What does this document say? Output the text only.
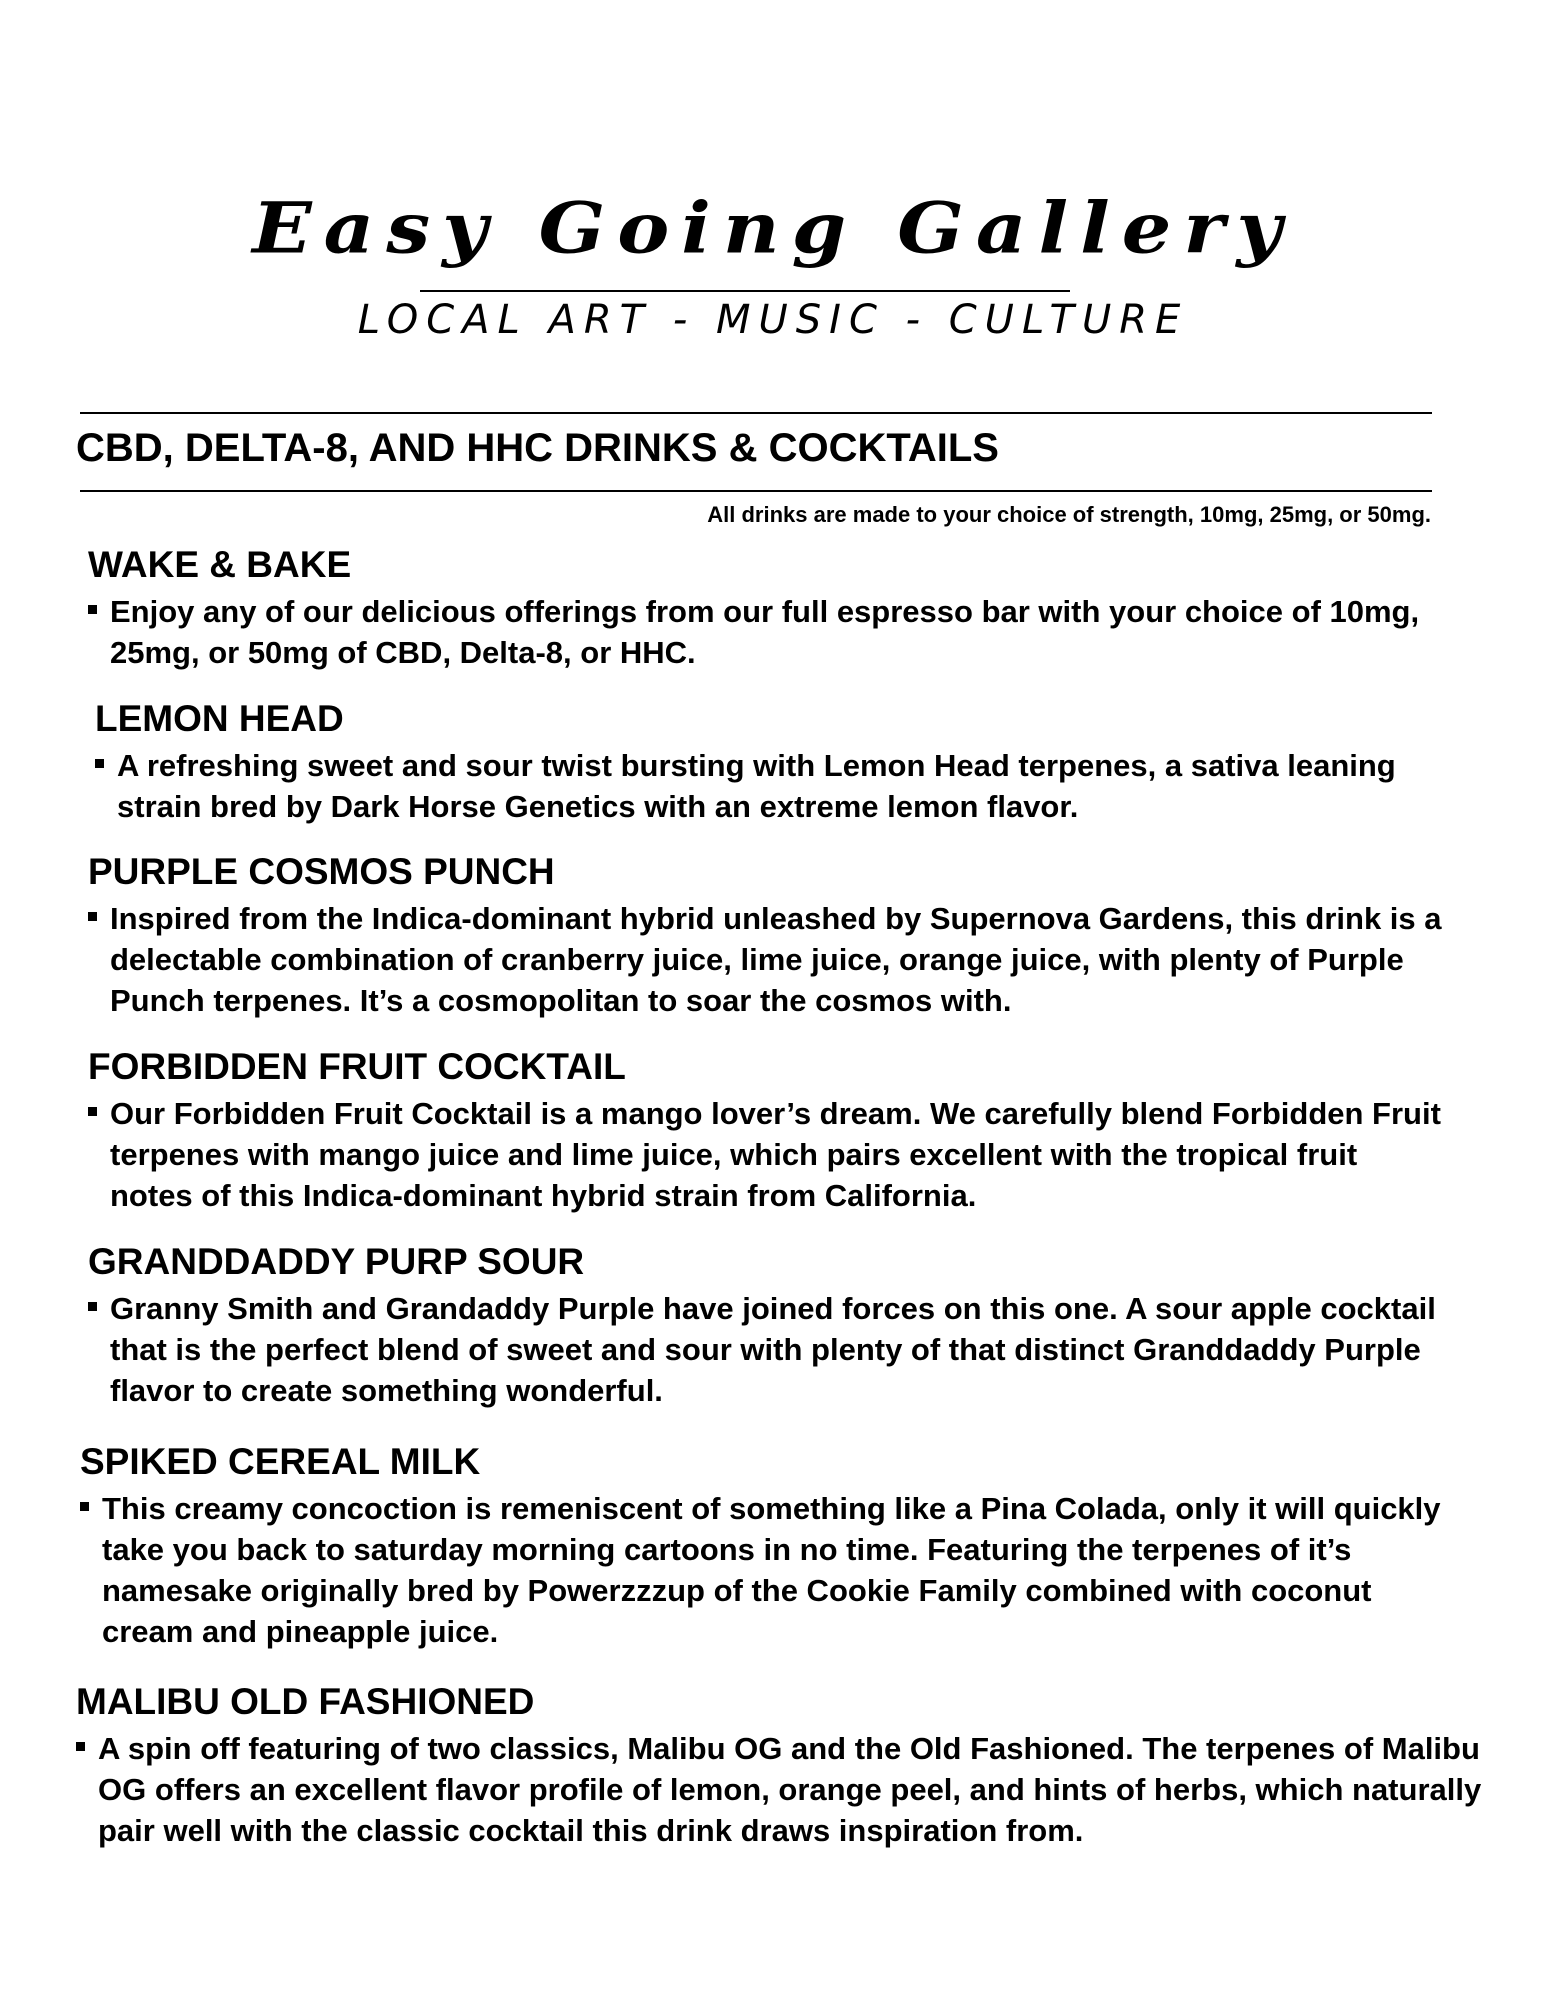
Easy Going Gallery
LOCAL ART - MUSIC - CULTURE
CBD, DELTA-8, AND HHC DRINKS & COCKTAILS
All drinks are made to your choice of strength, 10mg, 25mg, or 50mg.

WAKE & BAKE

Enjoy any of our delicious offerings from our full espresso bar with your choice of 10mg, 25mg, or 50mg of CBD, Delta-8, or HHC.

LEMON HEAD

A refreshing sweet and sour twist bursting with Lemon Head terpenes, a sativa leaning strain bred by Dark Horse Genetics with an extreme lemon flavor.

PURPLE COSMOS PUNCH

Inspired from the Indica-dominant hybrid unleashed by Supernova Gardens, this drink is a delectable combination of cranberry juice, lime juice, orange juice, with plenty of Purple Punch terpenes. It’s a cosmopolitan to soar the cosmos with.

FORBIDDEN FRUIT COCKTAIL

Our Forbidden Fruit Cocktail is a mango lover’s dream. We carefully blend Forbidden Fruit terpenes with mango juice and lime juice, which pairs excellent with the tropical fruit notes of this Indica-dominant hybrid strain from California.

GRANDDADDY PURP SOUR

Granny Smith and Grandaddy Purple have joined forces on this one. A sour apple cocktail that is the perfect blend of sweet and sour with plenty of that distinct Granddaddy Purple flavor to create something wonderful.

SPIKED CEREAL MILK

This creamy concoction is remeniscent of something like a Pina Colada, only it will quickly take you back to saturday morning cartoons in no time. Featuring the terpenes of it’s namesake originally bred by Powerzzzup of the Cookie Family combined with coconut cream and pineapple juice.

MALIBU OLD FASHIONED

A spin off featuring of two classics, Malibu OG and the Old Fashioned. The terpenes of Malibu OG offers an excellent flavor profile of lemon, orange peel, and hints of herbs, which naturally pair well with the classic cocktail this drink draws inspiration from.
